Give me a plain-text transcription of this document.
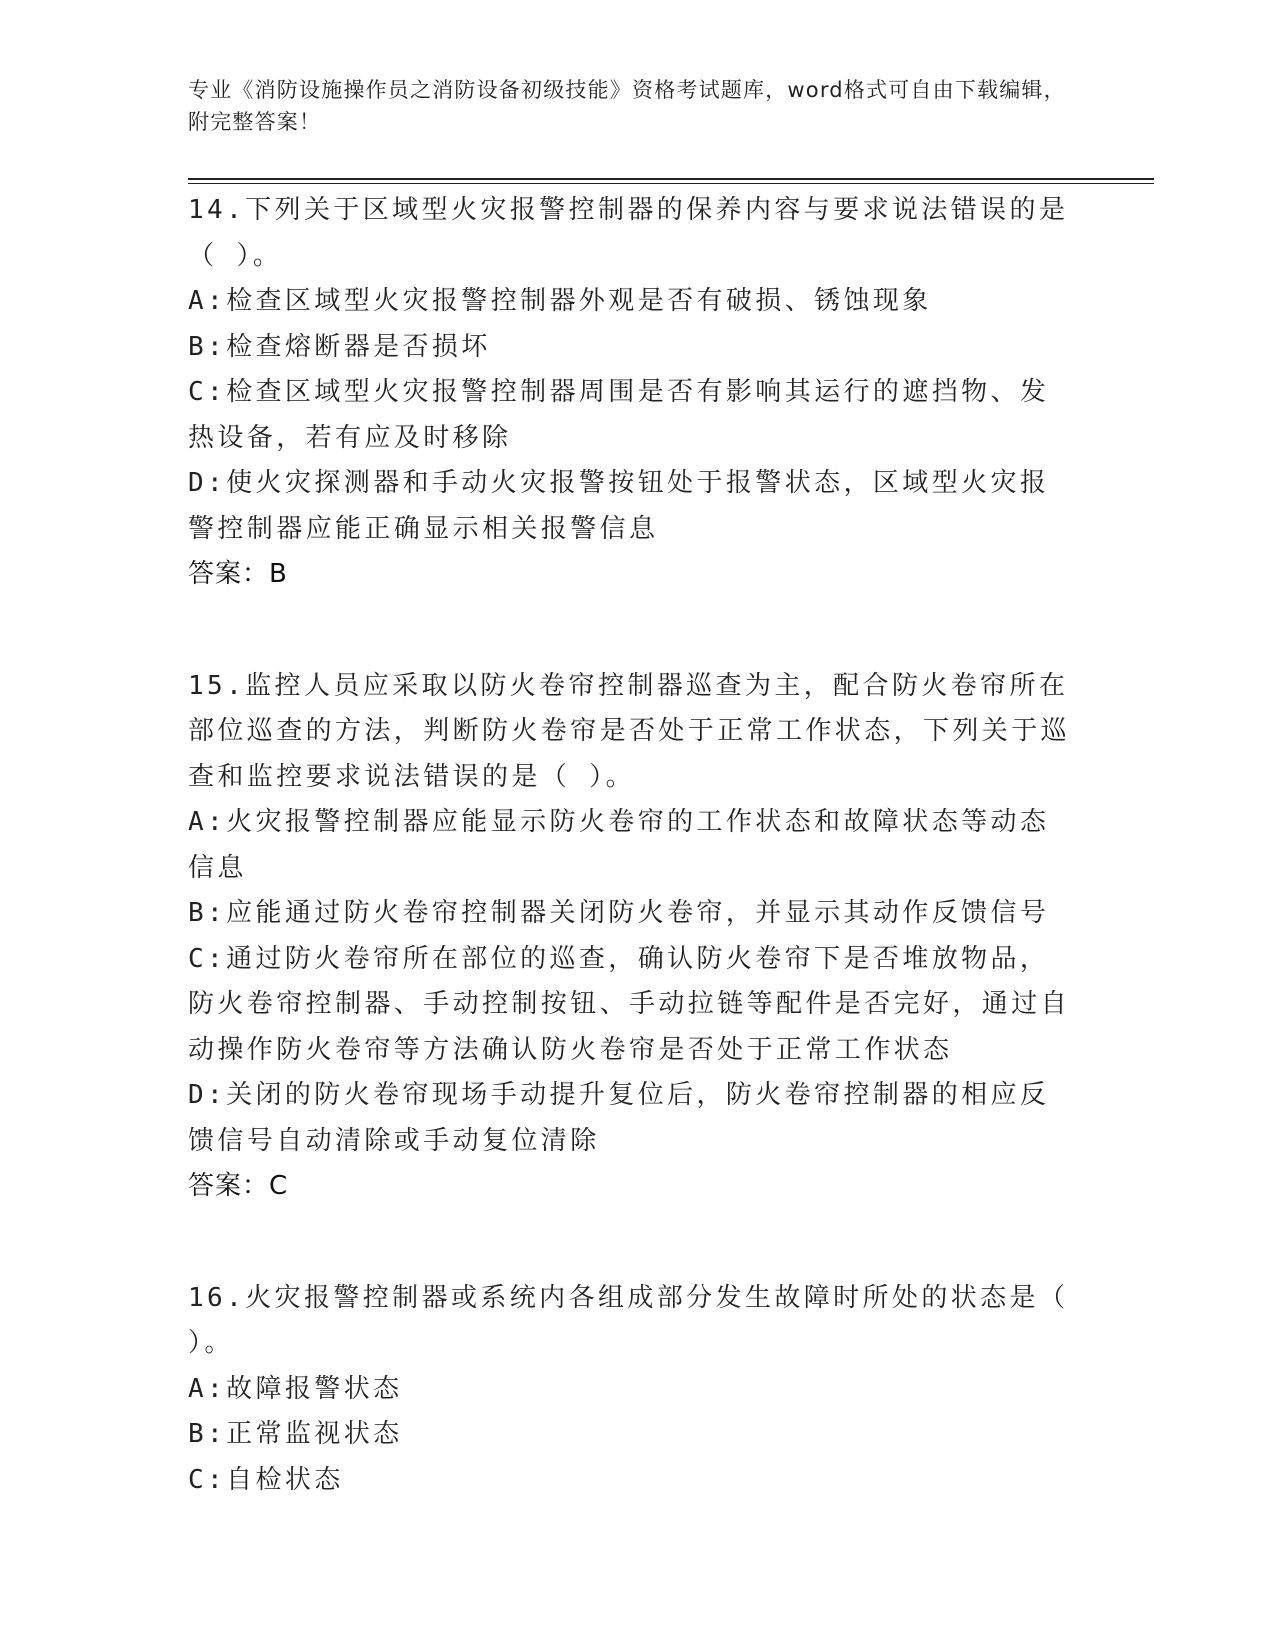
专业《消防设施操作员之消防设备初级技能》资格考试题库，word格式可自由下载编辑，附完整答案！

14.下列关于区域型火灾报警控制器的保养内容与要求说法错误的是（ ）。

A:检查区域型火灾报警控制器外观是否有破损、锈蚀现象

B:检查熔断器是否损坏

C:检查区域型火灾报警控制器周围是否有影响其运行的遮挡物、发热设备，若有应及时移除

D:使火灾探测器和手动火灾报警按钮处于报警状态，区域型火灾报警控制器应能正确显示相关报警信息

答案：B

15.监控人员应采取以防火卷帘控制器巡查为主，配合防火卷帘所在部位巡查的方法，判断防火卷帘是否处于正常工作状态，下列关于巡查和监控要求说法错误的是（ ）。

A:火灾报警控制器应能显示防火卷帘的工作状态和故障状态等动态信息

B:应能通过防火卷帘控制器关闭防火卷帘，并显示其动作反馈信号

C:通过防火卷帘所在部位的巡查，确认防火卷帘下是否堆放物品，防火卷帘控制器、手动控制按钮、手动拉链等配件是否完好，通过自动操作防火卷帘等方法确认防火卷帘是否处于正常工作状态

D:关闭的防火卷帘现场手动提升复位后，防火卷帘控制器的相应反馈信号自动清除或手动复位清除

答案：C

16.火灾报警控制器或系统内各组成部分发生故障时所处的状态是（ ）。

A:故障报警状态

B:正常监视状态

C:自检状态
